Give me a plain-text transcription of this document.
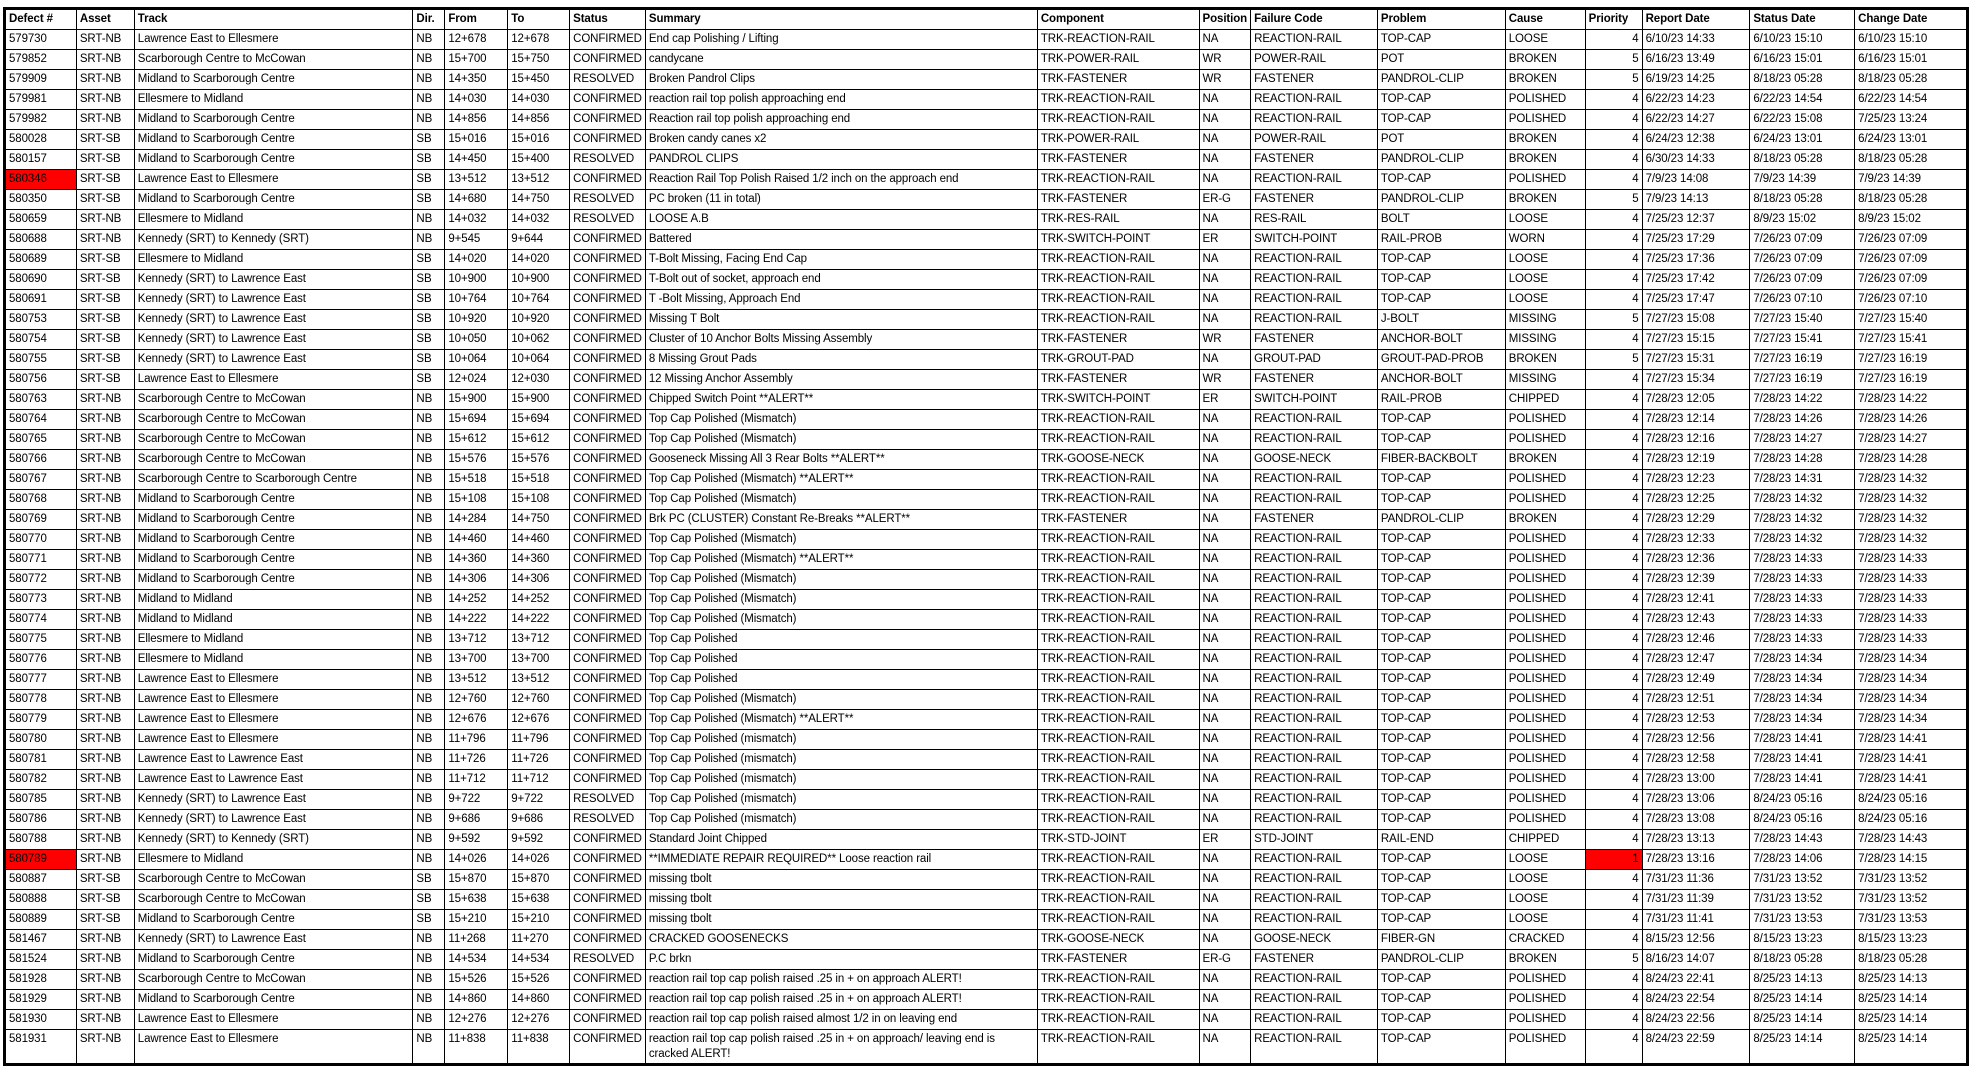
Defect #	Asset	Track	Dir.	From	To	Status	Summary	Component	Position	Failure Code	Problem	Cause	Priority	Report Date	Status Date	Change Date
579730	SRT-NB	Lawrence East to Ellesmere	NB	12+678	12+678	CONFIRMED	End cap Polishing / Lifting	TRK-REACTION-RAIL	NA	REACTION-RAIL	TOP-CAP	LOOSE	4	6/10/23 14:33	6/10/23 15:10	6/10/23 15:10
579852	SRT-NB	Scarborough Centre to McCowan	NB	15+700	15+750	CONFIRMED	candycane	TRK-POWER-RAIL	WR	POWER-RAIL	POT	BROKEN	5	6/16/23 13:49	6/16/23 15:01	6/16/23 15:01
579909	SRT-NB	Midland to Scarborough Centre	NB	14+350	15+450	RESOLVED	Broken Pandrol Clips	TRK-FASTENER	WR	FASTENER	PANDROL-CLIP	BROKEN	5	6/19/23 14:25	8/18/23 05:28	8/18/23 05:28
579981	SRT-NB	Ellesmere to Midland	NB	14+030	14+030	CONFIRMED	reaction rail top polish approaching end	TRK-REACTION-RAIL	NA	REACTION-RAIL	TOP-CAP	POLISHED	4	6/22/23 14:23	6/22/23 14:54	6/22/23 14:54
579982	SRT-NB	Midland to Scarborough Centre	NB	14+856	14+856	CONFIRMED	Reaction rail top polish approaching end	TRK-REACTION-RAIL	NA	REACTION-RAIL	TOP-CAP	POLISHED	4	6/22/23 14:27	6/22/23 15:08	7/25/23 13:24
580028	SRT-SB	Midland to Scarborough Centre	SB	15+016	15+016	CONFIRMED	Broken candy canes x2	TRK-POWER-RAIL	NA	POWER-RAIL	POT	BROKEN	4	6/24/23 12:38	6/24/23 13:01	6/24/23 13:01
580157	SRT-SB	Midland to Scarborough Centre	SB	14+450	15+400	RESOLVED	PANDROL CLIPS	TRK-FASTENER	NA	FASTENER	PANDROL-CLIP	BROKEN	4	6/30/23 14:33	8/18/23 05:28	8/18/23 05:28
580346	SRT-SB	Lawrence East to Ellesmere	SB	13+512	13+512	CONFIRMED	Reaction Rail Top Polish Raised 1/2 inch on the approach end	TRK-REACTION-RAIL	NA	REACTION-RAIL	TOP-CAP	POLISHED	4	7/9/23 14:08	7/9/23 14:39	7/9/23 14:39
580350	SRT-SB	Midland to Scarborough Centre	SB	14+680	14+750	RESOLVED	PC broken (11 in total)	TRK-FASTENER	ER-G	FASTENER	PANDROL-CLIP	BROKEN	5	7/9/23 14:13	8/18/23 05:28	8/18/23 05:28
580659	SRT-NB	Ellesmere to Midland	NB	14+032	14+032	RESOLVED	LOOSE A.B	TRK-RES-RAIL	NA	RES-RAIL	BOLT	LOOSE	4	7/25/23 12:37	8/9/23 15:02	8/9/23 15:02
580688	SRT-NB	Kennedy (SRT) to Kennedy (SRT)	NB	9+545	9+644	CONFIRMED	Battered	TRK-SWITCH-POINT	ER	SWITCH-POINT	RAIL-PROB	WORN	4	7/25/23 17:29	7/26/23 07:09	7/26/23 07:09
580689	SRT-SB	Ellesmere to Midland	SB	14+020	14+020	CONFIRMED	T-Bolt Missing, Facing End Cap	TRK-REACTION-RAIL	NA	REACTION-RAIL	TOP-CAP	LOOSE	4	7/25/23 17:36	7/26/23 07:09	7/26/23 07:09
580690	SRT-SB	Kennedy (SRT) to Lawrence East	SB	10+900	10+900	CONFIRMED	T-Bolt out of socket, approach end	TRK-REACTION-RAIL	NA	REACTION-RAIL	TOP-CAP	LOOSE	4	7/25/23 17:42	7/26/23 07:09	7/26/23 07:09
580691	SRT-SB	Kennedy (SRT) to Lawrence East	SB	10+764	10+764	CONFIRMED	T -Bolt Missing, Approach End	TRK-REACTION-RAIL	NA	REACTION-RAIL	TOP-CAP	LOOSE	4	7/25/23 17:47	7/26/23 07:10	7/26/23 07:10
580753	SRT-SB	Kennedy (SRT) to Lawrence East	SB	10+920	10+920	CONFIRMED	Missing T Bolt	TRK-REACTION-RAIL	NA	REACTION-RAIL	J-BOLT	MISSING	5	7/27/23 15:08	7/27/23 15:40	7/27/23 15:40
580754	SRT-SB	Kennedy (SRT) to Lawrence East	SB	10+050	10+062	CONFIRMED	Cluster of 10 Anchor Bolts Missing Assembly	TRK-FASTENER	WR	FASTENER	ANCHOR-BOLT	MISSING	4	7/27/23 15:15	7/27/23 15:41	7/27/23 15:41
580755	SRT-SB	Kennedy (SRT) to Lawrence East	SB	10+064	10+064	CONFIRMED	8 Missing Grout Pads	TRK-GROUT-PAD	NA	GROUT-PAD	GROUT-PAD-PROB	BROKEN	5	7/27/23 15:31	7/27/23 16:19	7/27/23 16:19
580756	SRT-SB	Lawrence East to Ellesmere	SB	12+024	12+030	CONFIRMED	12 Missing Anchor Assembly	TRK-FASTENER	WR	FASTENER	ANCHOR-BOLT	MISSING	4	7/27/23 15:34	7/27/23 16:19	7/27/23 16:19
580763	SRT-NB	Scarborough Centre to McCowan	NB	15+900	15+900	CONFIRMED	Chipped Switch Point **ALERT**	TRK-SWITCH-POINT	ER	SWITCH-POINT	RAIL-PROB	CHIPPED	4	7/28/23 12:05	7/28/23 14:22	7/28/23 14:22
580764	SRT-NB	Scarborough Centre to McCowan	NB	15+694	15+694	CONFIRMED	Top Cap Polished (Mismatch)	TRK-REACTION-RAIL	NA	REACTION-RAIL	TOP-CAP	POLISHED	4	7/28/23 12:14	7/28/23 14:26	7/28/23 14:26
580765	SRT-NB	Scarborough Centre to McCowan	NB	15+612	15+612	CONFIRMED	Top Cap Polished (Mismatch)	TRK-REACTION-RAIL	NA	REACTION-RAIL	TOP-CAP	POLISHED	4	7/28/23 12:16	7/28/23 14:27	7/28/23 14:27
580766	SRT-NB	Scarborough Centre to McCowan	NB	15+576	15+576	CONFIRMED	Gooseneck Missing All 3 Rear Bolts **ALERT**	TRK-GOOSE-NECK	NA	GOOSE-NECK	FIBER-BACKBOLT	BROKEN	4	7/28/23 12:19	7/28/23 14:28	7/28/23 14:28
580767	SRT-NB	Scarborough Centre to Scarborough Centre	NB	15+518	15+518	CONFIRMED	Top Cap Polished (Mismatch) **ALERT**	TRK-REACTION-RAIL	NA	REACTION-RAIL	TOP-CAP	POLISHED	4	7/28/23 12:23	7/28/23 14:31	7/28/23 14:32
580768	SRT-NB	Midland to Scarborough Centre	NB	15+108	15+108	CONFIRMED	Top Cap Polished (Mismatch)	TRK-REACTION-RAIL	NA	REACTION-RAIL	TOP-CAP	POLISHED	4	7/28/23 12:25	7/28/23 14:32	7/28/23 14:32
580769	SRT-NB	Midland to Scarborough Centre	NB	14+284	14+750	CONFIRMED	Brk PC (CLUSTER) Constant Re-Breaks **ALERT**	TRK-FASTENER	NA	FASTENER	PANDROL-CLIP	BROKEN	4	7/28/23 12:29	7/28/23 14:32	7/28/23 14:32
580770	SRT-NB	Midland to Scarborough Centre	NB	14+460	14+460	CONFIRMED	Top Cap Polished (Mismatch)	TRK-REACTION-RAIL	NA	REACTION-RAIL	TOP-CAP	POLISHED	4	7/28/23 12:33	7/28/23 14:32	7/28/23 14:32
580771	SRT-NB	Midland to Scarborough Centre	NB	14+360	14+360	CONFIRMED	Top Cap Polished (Mismatch) **ALERT**	TRK-REACTION-RAIL	NA	REACTION-RAIL	TOP-CAP	POLISHED	4	7/28/23 12:36	7/28/23 14:33	7/28/23 14:33
580772	SRT-NB	Midland to Scarborough Centre	NB	14+306	14+306	CONFIRMED	Top Cap Polished (Mismatch)	TRK-REACTION-RAIL	NA	REACTION-RAIL	TOP-CAP	POLISHED	4	7/28/23 12:39	7/28/23 14:33	7/28/23 14:33
580773	SRT-NB	Midland to Midland	NB	14+252	14+252	CONFIRMED	Top Cap Polished (Mismatch)	TRK-REACTION-RAIL	NA	REACTION-RAIL	TOP-CAP	POLISHED	4	7/28/23 12:41	7/28/23 14:33	7/28/23 14:33
580774	SRT-NB	Midland to Midland	NB	14+222	14+222	CONFIRMED	Top Cap Polished (Mismatch)	TRK-REACTION-RAIL	NA	REACTION-RAIL	TOP-CAP	POLISHED	4	7/28/23 12:43	7/28/23 14:33	7/28/23 14:33
580775	SRT-NB	Ellesmere to Midland	NB	13+712	13+712	CONFIRMED	Top Cap Polished	TRK-REACTION-RAIL	NA	REACTION-RAIL	TOP-CAP	POLISHED	4	7/28/23 12:46	7/28/23 14:33	7/28/23 14:33
580776	SRT-NB	Ellesmere to Midland	NB	13+700	13+700	CONFIRMED	Top Cap Polished	TRK-REACTION-RAIL	NA	REACTION-RAIL	TOP-CAP	POLISHED	4	7/28/23 12:47	7/28/23 14:34	7/28/23 14:34
580777	SRT-NB	Lawrence East to Ellesmere	NB	13+512	13+512	CONFIRMED	Top Cap Polished	TRK-REACTION-RAIL	NA	REACTION-RAIL	TOP-CAP	POLISHED	4	7/28/23 12:49	7/28/23 14:34	7/28/23 14:34
580778	SRT-NB	Lawrence East to Ellesmere	NB	12+760	12+760	CONFIRMED	Top Cap Polished (Mismatch)	TRK-REACTION-RAIL	NA	REACTION-RAIL	TOP-CAP	POLISHED	4	7/28/23 12:51	7/28/23 14:34	7/28/23 14:34
580779	SRT-NB	Lawrence East to Ellesmere	NB	12+676	12+676	CONFIRMED	Top Cap Polished (Mismatch) **ALERT**	TRK-REACTION-RAIL	NA	REACTION-RAIL	TOP-CAP	POLISHED	4	7/28/23 12:53	7/28/23 14:34	7/28/23 14:34
580780	SRT-NB	Lawrence East to Ellesmere	NB	11+796	11+796	CONFIRMED	Top Cap Polished (mismatch)	TRK-REACTION-RAIL	NA	REACTION-RAIL	TOP-CAP	POLISHED	4	7/28/23 12:56	7/28/23 14:41	7/28/23 14:41
580781	SRT-NB	Lawrence East to Lawrence East	NB	11+726	11+726	CONFIRMED	Top Cap Polished (mismatch)	TRK-REACTION-RAIL	NA	REACTION-RAIL	TOP-CAP	POLISHED	4	7/28/23 12:58	7/28/23 14:41	7/28/23 14:41
580782	SRT-NB	Lawrence East to Lawrence East	NB	11+712	11+712	CONFIRMED	Top Cap Polished (mismatch)	TRK-REACTION-RAIL	NA	REACTION-RAIL	TOP-CAP	POLISHED	4	7/28/23 13:00	7/28/23 14:41	7/28/23 14:41
580785	SRT-NB	Kennedy (SRT) to Lawrence East	NB	9+722	9+722	RESOLVED	Top Cap Polished (mismatch)	TRK-REACTION-RAIL	NA	REACTION-RAIL	TOP-CAP	POLISHED	4	7/28/23 13:06	8/24/23 05:16	8/24/23 05:16
580786	SRT-NB	Kennedy (SRT) to Lawrence East	NB	9+686	9+686	RESOLVED	Top Cap Polished (mismatch)	TRK-REACTION-RAIL	NA	REACTION-RAIL	TOP-CAP	POLISHED	4	7/28/23 13:08	8/24/23 05:16	8/24/23 05:16
580788	SRT-NB	Kennedy (SRT) to Kennedy (SRT)	NB	9+592	9+592	CONFIRMED	Standard Joint Chipped	TRK-STD-JOINT	ER	STD-JOINT	RAIL-END	CHIPPED	4	7/28/23 13:13	7/28/23 14:43	7/28/23 14:43
580789	SRT-NB	Ellesmere to Midland	NB	14+026	14+026	CONFIRMED	**IMMEDIATE REPAIR REQUIRED** Loose reaction rail	TRK-REACTION-RAIL	NA	REACTION-RAIL	TOP-CAP	LOOSE	1	7/28/23 13:16	7/28/23 14:06	7/28/23 14:15
580887	SRT-SB	Scarborough Centre to McCowan	SB	15+870	15+870	CONFIRMED	missing tbolt	TRK-REACTION-RAIL	NA	REACTION-RAIL	TOP-CAP	LOOSE	4	7/31/23 11:36	7/31/23 13:52	7/31/23 13:52
580888	SRT-SB	Scarborough Centre to McCowan	SB	15+638	15+638	CONFIRMED	missing tbolt	TRK-REACTION-RAIL	NA	REACTION-RAIL	TOP-CAP	LOOSE	4	7/31/23 11:39	7/31/23 13:52	7/31/23 13:52
580889	SRT-SB	Midland to Scarborough Centre	SB	15+210	15+210	CONFIRMED	missing tbolt	TRK-REACTION-RAIL	NA	REACTION-RAIL	TOP-CAP	LOOSE	4	7/31/23 11:41	7/31/23 13:53	7/31/23 13:53
581467	SRT-NB	Kennedy (SRT) to Lawrence East	NB	11+268	11+270	CONFIRMED	CRACKED GOOSENECKS	TRK-GOOSE-NECK	NA	GOOSE-NECK	FIBER-GN	CRACKED	4	8/15/23 12:56	8/15/23 13:23	8/15/23 13:23
581524	SRT-NB	Midland to Scarborough Centre	NB	14+534	14+534	RESOLVED	P.C brkn	TRK-FASTENER	ER-G	FASTENER	PANDROL-CLIP	BROKEN	5	8/16/23 14:07	8/18/23 05:28	8/18/23 05:28
581928	SRT-NB	Scarborough Centre to McCowan	NB	15+526	15+526	CONFIRMED	reaction rail top cap polish raised .25 in + on approach ALERT!	TRK-REACTION-RAIL	NA	REACTION-RAIL	TOP-CAP	POLISHED	4	8/24/23 22:41	8/25/23 14:13	8/25/23 14:13
581929	SRT-NB	Midland to Scarborough Centre	NB	14+860	14+860	CONFIRMED	reaction rail top cap polish raised .25 in + on approach ALERT!	TRK-REACTION-RAIL	NA	REACTION-RAIL	TOP-CAP	POLISHED	4	8/24/23 22:54	8/25/23 14:14	8/25/23 14:14
581930	SRT-NB	Lawrence East to Ellesmere	NB	12+276	12+276	CONFIRMED	reaction rail top cap polish raised almost 1/2 in on leaving end	TRK-REACTION-RAIL	NA	REACTION-RAIL	TOP-CAP	POLISHED	4	8/24/23 22:56	8/25/23 14:14	8/25/23 14:14
581931	SRT-NB	Lawrence East to Ellesmere	NB	11+838	11+838	CONFIRMED	reaction rail top cap polish raised .25 in + on approach/ leaving end is cracked ALERT!	TRK-REACTION-RAIL	NA	REACTION-RAIL	TOP-CAP	POLISHED	4	8/24/23 22:59	8/25/23 14:14	8/25/23 14:14
